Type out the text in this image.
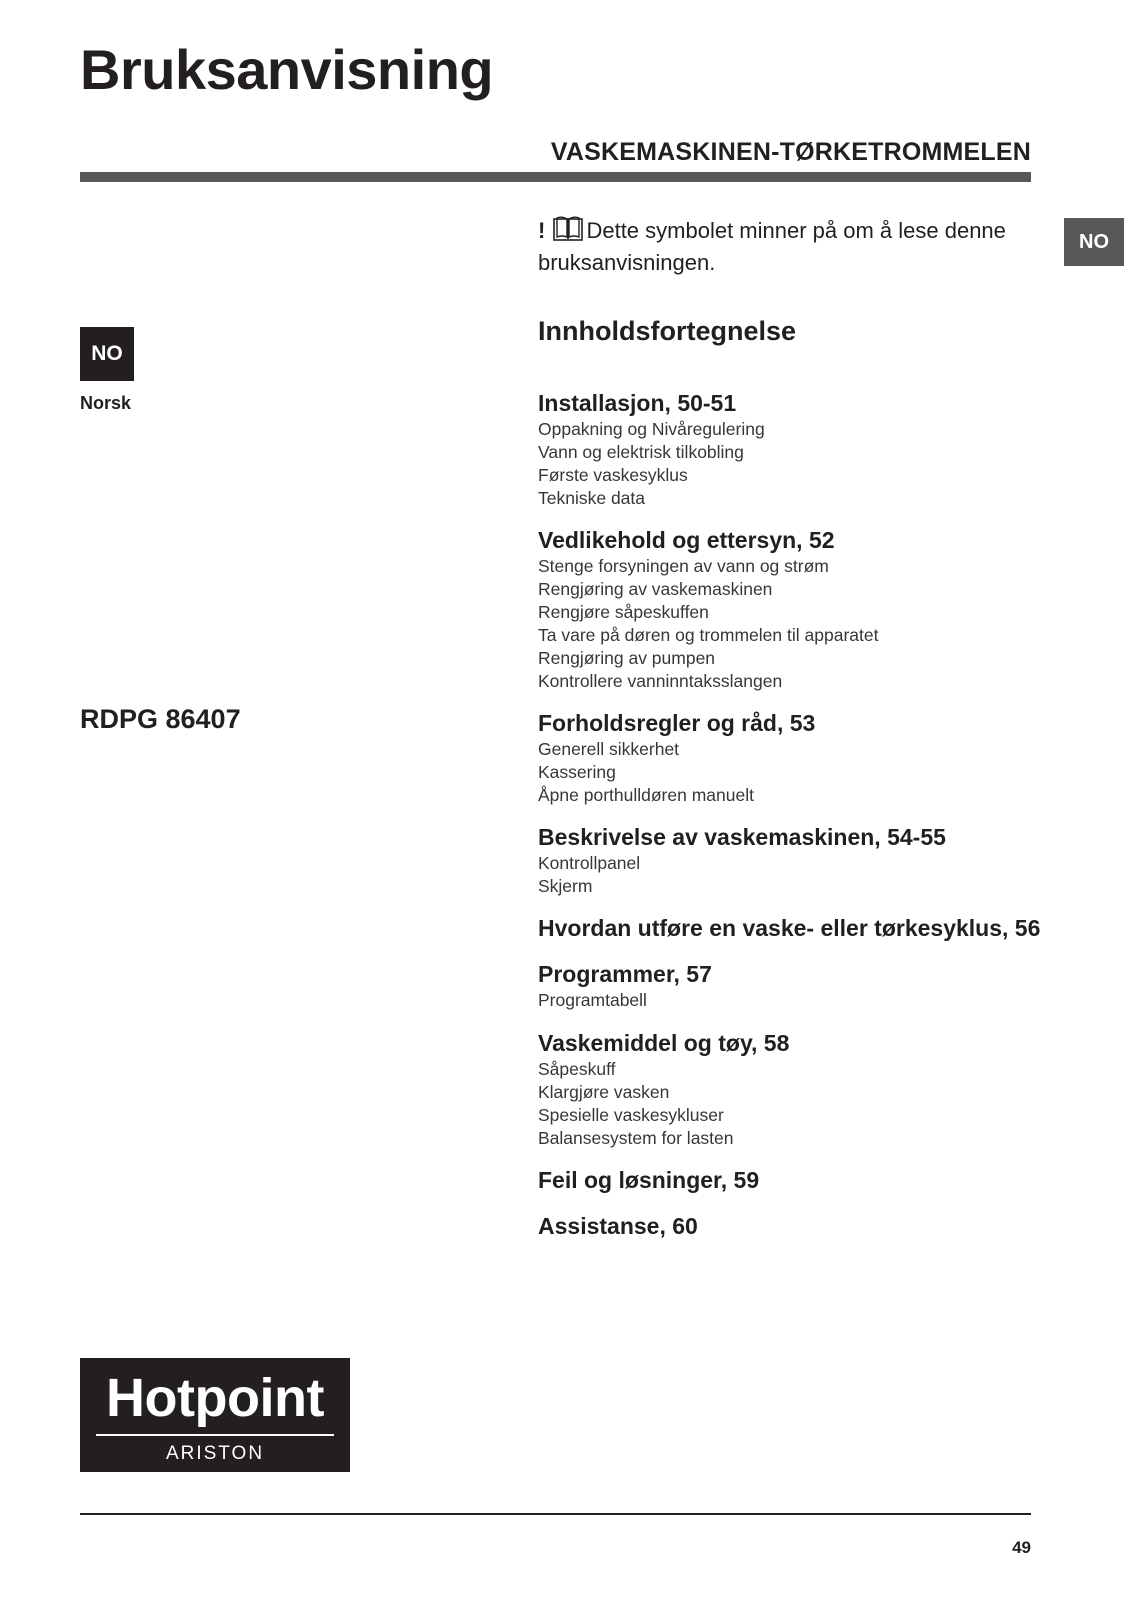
Bruksanvisning
VASKEMASKINEN-TØRKETROMMELEN
NO
! Dette symbolet minner på om å lese denne bruksanvisningen.
NO
Norsk
RDPG 86407
Innholdsfortegnelse
Installasjon, 50-51
Oppakning og Nivåregulering
Vann og elektrisk tilkobling
Første vaskesyklus
Tekniske data
Vedlikehold og ettersyn, 52
Stenge forsyningen av vann og strøm
Rengjøring av vaskemaskinen
Rengjøre såpeskuffen
Ta vare på døren og trommelen til apparatet
Rengjøring av pumpen
Kontrollere vanninntaksslangen
Forholdsregler og råd, 53
Generell sikkerhet
Kassering
Åpne porthulldøren manuelt
Beskrivelse av vaskemaskinen, 54-55
Kontrollpanel
Skjerm
Hvordan utføre en vaske- eller tørkesyklus, 56
Programmer, 57
Programtabell
Vaskemiddel og tøy, 58
Såpeskuff
Klargjøre vasken
Spesielle vaskesykluser
Balansesystem for lasten
Feil og løsninger, 59
Assistanse, 60
Hotpoint
ARISTON
49
